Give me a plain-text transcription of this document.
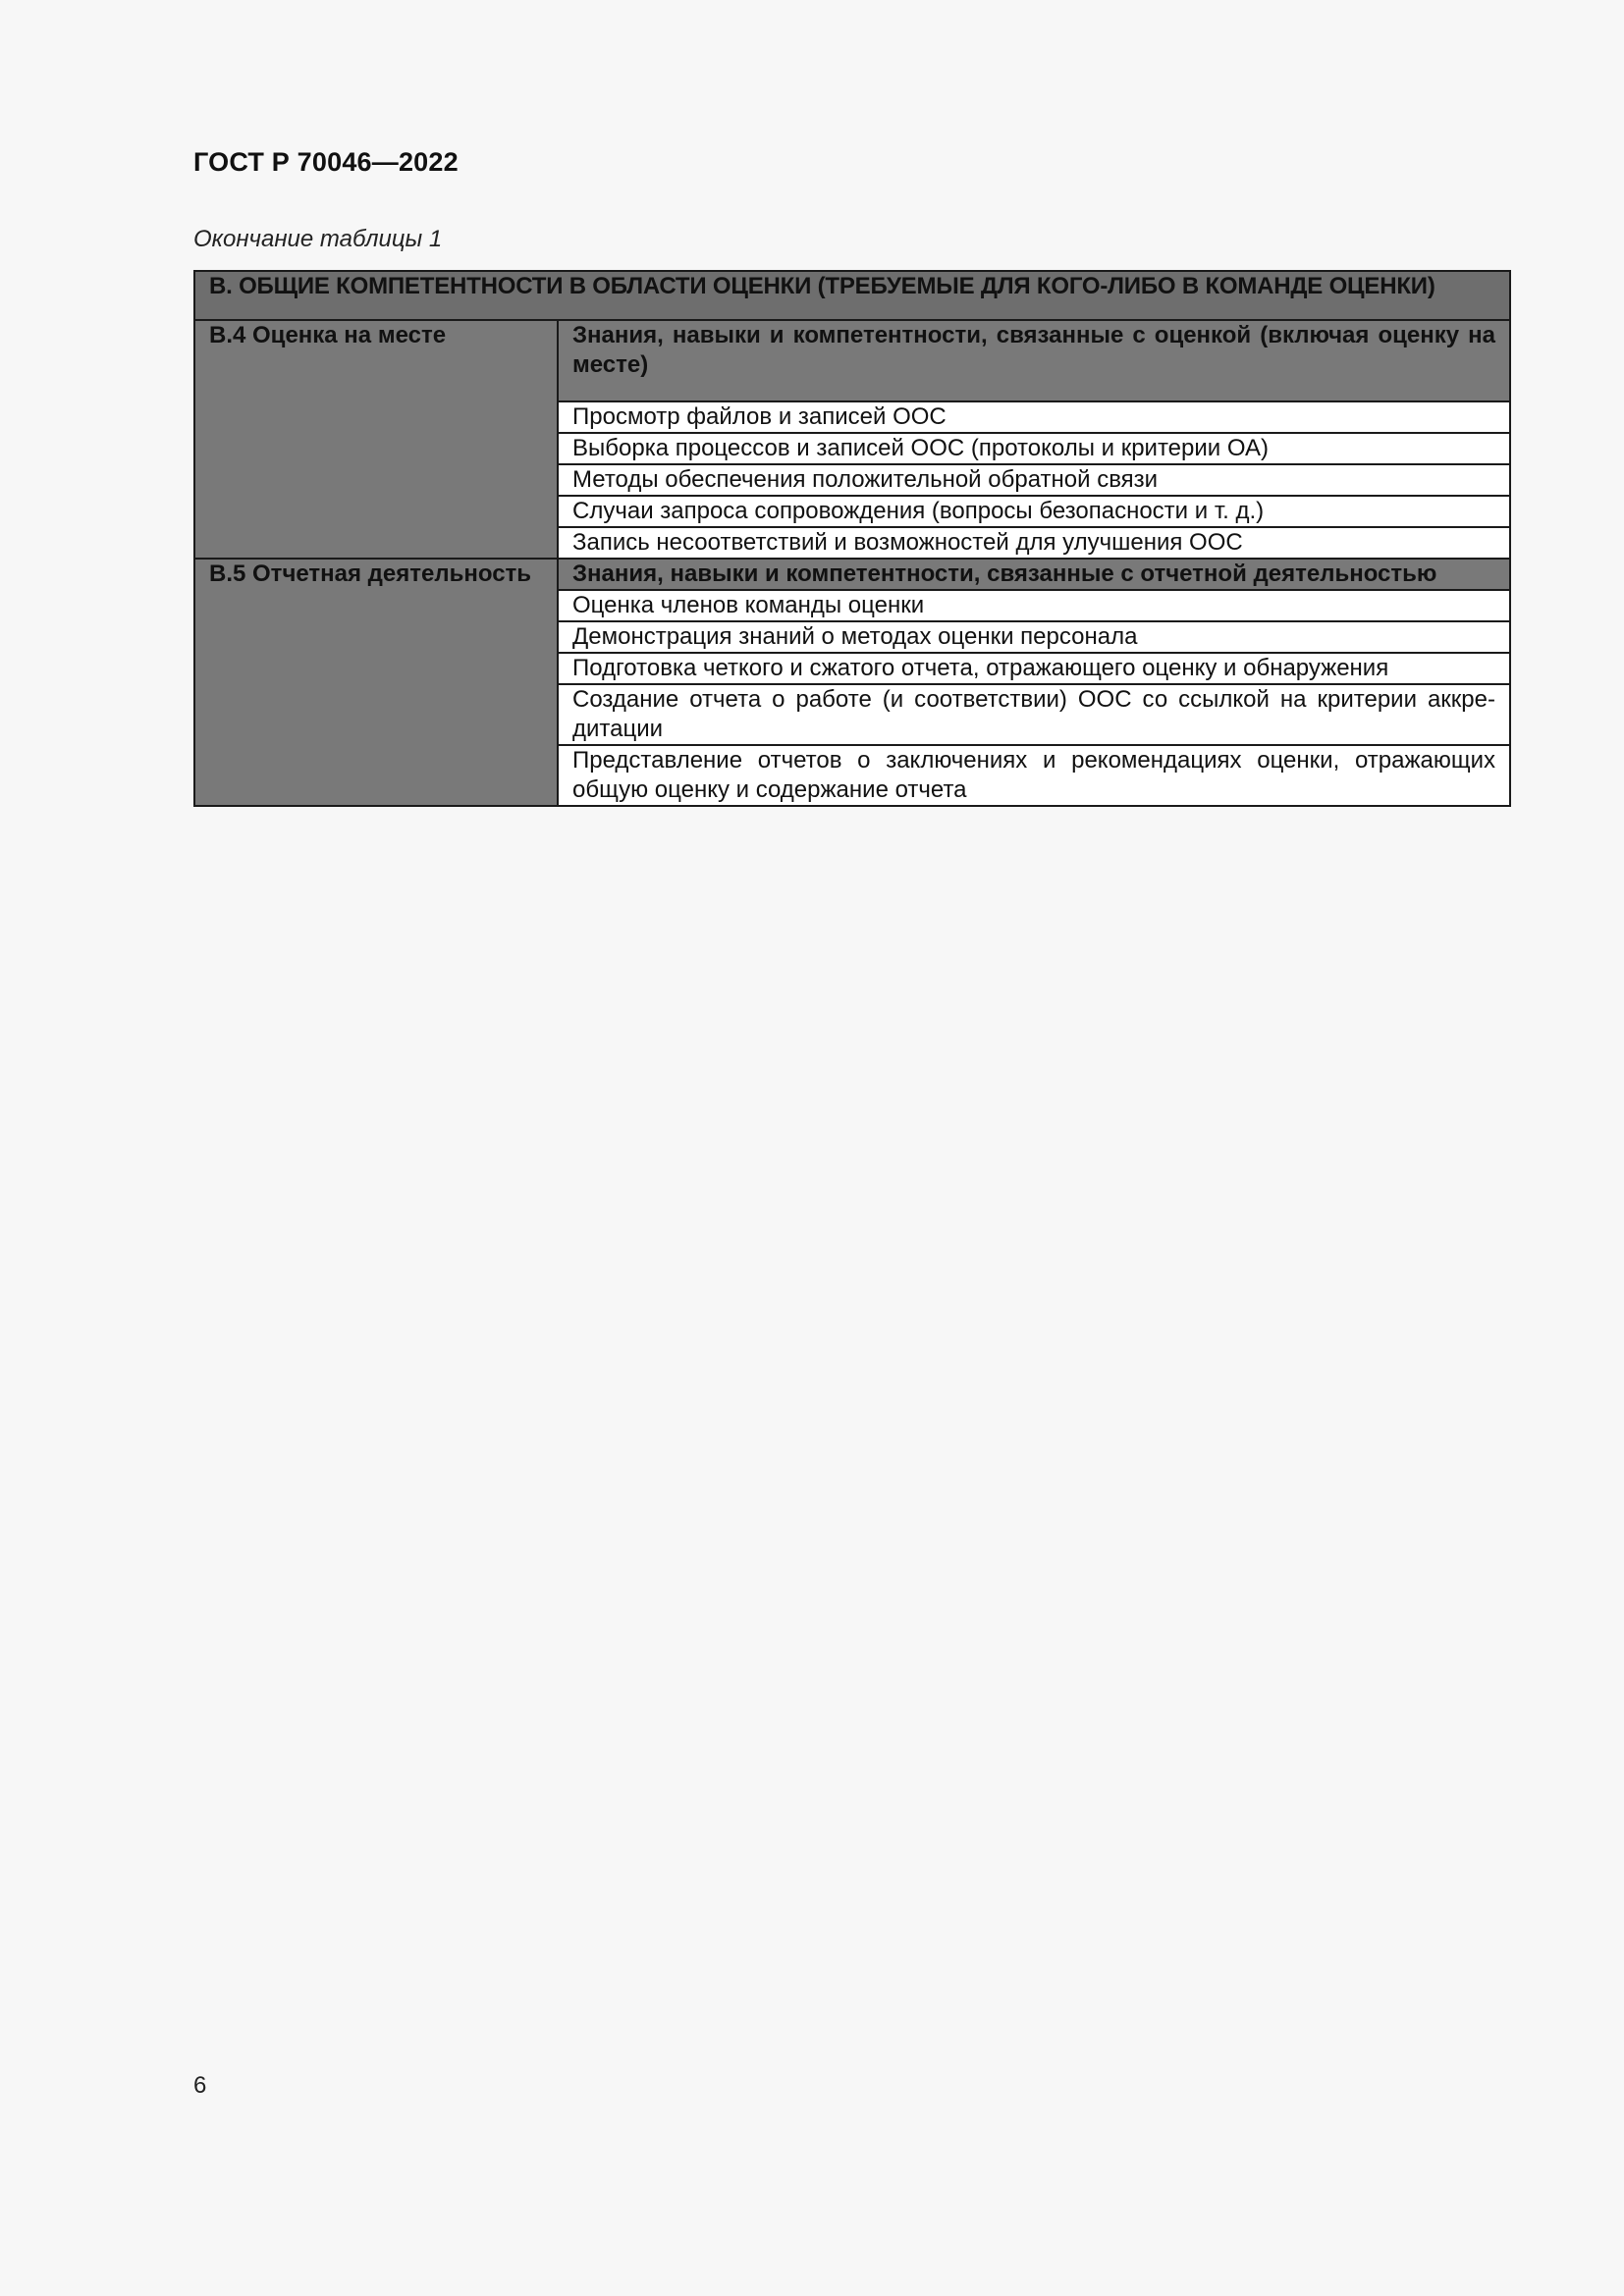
ГОСТ Р 70046—2022
Окончание таблицы 1
В. ОБЩИЕ КОМПЕТЕНТНОСТИ В ОБЛАСТИ ОЦЕНКИ (ТРЕБУЕМЫЕ ДЛЯ КОГО-ЛИБО В КОМАНДЕ ОЦЕНКИ)	
В.4 Оценка на месте	Знания, навыки и компетентности, связанные с оценкой (включая оценку на месте)
	Просмотр файлов и записей ООС
	Выборка процессов и записей ООС (протоколы и критерии ОА)
	Методы обеспечения положительной обратной связи
	Случаи запроса сопровождения (вопросы безопасности и т. д.)
	Запись несоответствий и возможностей для улучшения ООС
В.5 Отчетная деятельность	Знания, навыки и компетентности, связанные с отчетной деятельностью
	Оценка членов команды оценки
	Демонстрация знаний о методах оценки персонала
	Подготовка четкого и сжатого отчета, отражающего оценку и обнаружения
	Создание отчета о работе (и соответствии) ООС со ссылкой на критерии аккредитации
	Представление отчетов о заключениях и рекомендациях оценки, отражающих общую оценку и содержание отчета
6
